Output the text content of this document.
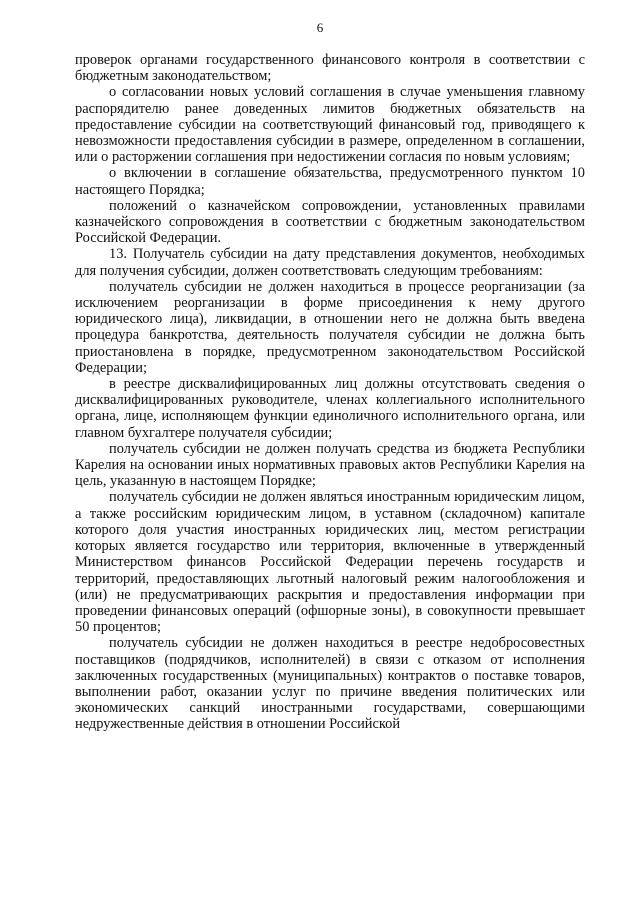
6

проверок органами государственного финансового контроля в соответствии с бюджетным законодательством;

о согласовании новых условий соглашения в случае уменьшения главному распорядителю ранее доведенных лимитов бюджетных обязательств на предоставление субсидии на соответствующий финансовый год, приводящего к невозможности предоставления субсидии в размере, определенном в соглашении, или о расторжении соглашения при недостижении согласия по новым условиям;

о включении в соглашение обязательства, предусмотренного пунктом 10 настоящего Порядка;

положений о казначейском сопровождении, установленных правилами казначейского сопровождения в соответствии с бюджетным законодательством Российской Федерации.

13. Получатель субсидии на дату представления документов, необходимых для получения субсидии, должен соответствовать следующим требованиям:

получатель субсидии не должен находиться в процессе реорганизации (за исключением реорганизации в форме присоединения к нему другого юридического лица), ликвидации, в отношении него не должна быть введена процедура банкротства, деятельность получателя субсидии не должна быть приостановлена в порядке, предусмотренном законодательством Российской Федерации;

в реестре дисквалифицированных лиц должны отсутствовать сведения о дисквалифицированных руководителе, членах коллегиального исполнительного органа, лице, исполняющем функции единоличного исполнительного органа, или главном бухгалтере получателя субсидии;

получатель субсидии не должен получать средства из бюджета Республики Карелия на основании иных нормативных правовых актов Республики Карелия на цель, указанную в настоящем Порядке;

получатель субсидии не должен являться иностранным юридическим лицом, а также российским юридическим лицом, в уставном (складочном) капитале которого доля участия иностранных юридических лиц, местом регистрации которых является государство или территория, включенные в утвержденный Министерством финансов Российской Федерации перечень государств и территорий, предоставляющих льготный налоговый режим налогообложения и (или) не предусматривающих раскрытия и предоставления информации при проведении финансовых операций (офшорные зоны), в совокупности превышает 50 процентов;

получатель субсидии не должен находиться в реестре недобросовестных поставщиков (подрядчиков, исполнителей) в связи с отказом от исполнения заключенных государственных (муниципальных) контрактов о поставке товаров, выполнении работ, оказании услуг по причине введения политических или экономических санкций иностранными государствами, совершающими недружественные действия в отношении Российской
